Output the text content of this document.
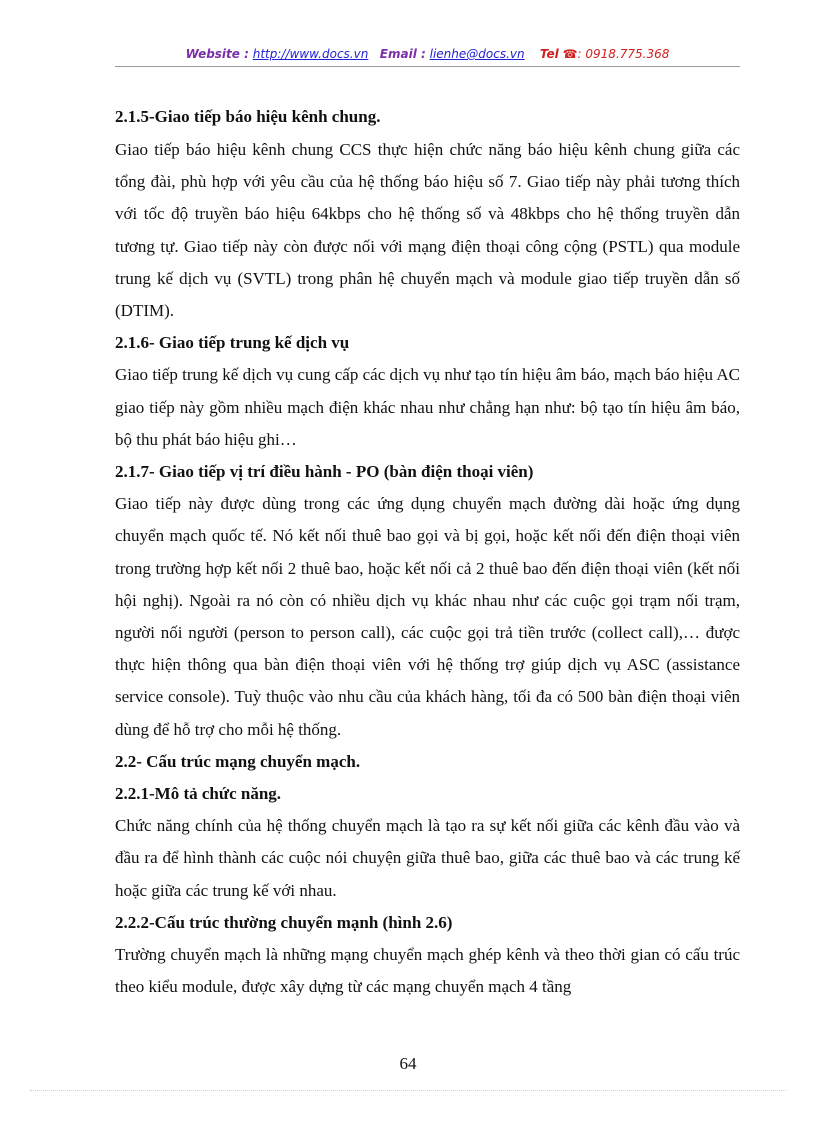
Website : http://www.docs.vn Email : lienhe@docs.vn Tel ☎: 0918.775.368
2.1.5-Giao tiếp báo hiệu kênh chung.

Giao tiếp báo hiệu kênh chung CCS thực hiện chức năng báo hiệu kênh chung giữa các tổng đài, phù hợp với yêu cầu của hệ thống báo hiệu số 7. Giao tiếp này phải tương thích với tốc độ truyền báo hiệu 64kbps cho hệ thống số và 48kbps cho hệ thống truyền dẫn tương tự. Giao tiếp này còn được nối với mạng điện thoại công cộng (PSTL) qua module trung kế dịch vụ (SVTL) trong phân hệ chuyển mạch và module giao tiếp truyền dẫn số (DTIM).

2.1.6- Giao tiếp trung kế dịch vụ

Giao tiếp trung kế dịch vụ cung cấp các dịch vụ như tạo tín hiệu âm báo, mạch báo hiệu AC giao tiếp này gồm nhiều mạch điện khác nhau như chẳng hạn như: bộ tạo tín hiệu âm báo, bộ thu phát báo hiệu ghi…

2.1.7- Giao tiếp vị trí điều hành - PO (bàn điện thoại viên)

Giao tiếp này được dùng trong các ứng dụng chuyển mạch đường dài hoặc ứng dụng chuyển mạch quốc tế. Nó kết nối thuê bao gọi và bị gọi, hoặc kết nối đến điện thoại viên trong trường hợp kết nối 2 thuê bao, hoặc kết nối cả 2 thuê bao đến điện thoại viên (kết nối hội nghị). Ngoài ra nó còn có nhiều dịch vụ khác nhau như các cuộc gọi trạm nối trạm, người nối người (person to person call), các cuộc gọi trả tiền trước (collect call),… được thực hiện thông qua bàn điện thoại viên với hệ thống trợ giúp dịch vụ ASC (assistance service console). Tuỳ thuộc vào nhu cầu của khách hàng, tối đa có 500 bàn điện thoại viên dùng để hỗ trợ cho mỗi hệ thống.

2.2- Cấu trúc mạng chuyển mạch.
2.2.1-Mô tả chức năng.

Chức năng chính của hệ thống chuyển mạch là tạo ra sự kết nối giữa các kênh đầu vào và đầu ra để hình thành các cuộc nói chuyện giữa thuê bao, giữa các thuê bao và các trung kế hoặc giữa các trung kế với nhau.

2.2.2-Cấu trúc thường chuyển mạnh (hình 2.6)

Trường chuyển mạch là những mạng chuyển mạch ghép kênh và theo thời gian có cấu trúc theo kiểu module, được xây dựng từ các mạng chuyển mạch 4 tầng

64
